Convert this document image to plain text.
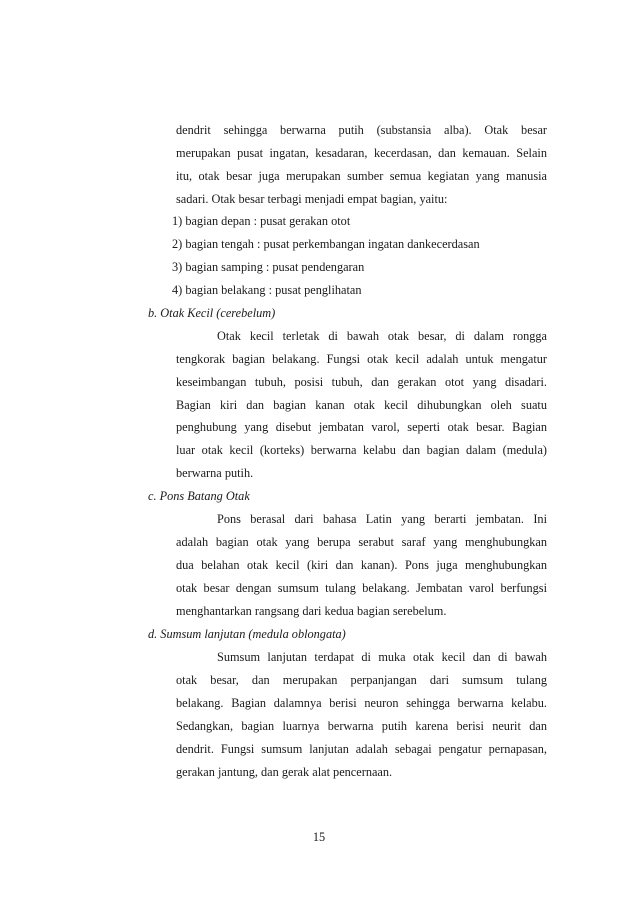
dendrit sehingga berwarna putih (substansia alba). Otak besar
merupakan pusat ingatan, kesadaran, kecerdasan, dan kemauan. Selain
itu, otak besar juga merupakan sumber semua kegiatan yang manusia
sadari. Otak besar terbagi menjadi empat bagian, yaitu:
1) bagian depan : pusat gerakan otot
2) bagian tengah : pusat perkembangan ingatan dankecerdasan
3) bagian samping : pusat pendengaran
4) bagian belakang : pusat penglihatan
b. Otak Kecil (cerebelum)
Otak kecil terletak di bawah otak besar, di dalam rongga
tengkorak bagian belakang. Fungsi otak kecil adalah untuk mengatur
keseimbangan tubuh, posisi tubuh, dan gerakan otot yang disadari.
Bagian kiri dan bagian kanan otak kecil dihubungkan oleh suatu
penghubung yang disebut jembatan varol, seperti otak besar. Bagian
luar otak kecil (korteks) berwarna kelabu dan bagian dalam (medula)
berwarna putih.
c. Pons Batang Otak
Pons berasal dari bahasa Latin yang berarti jembatan. Ini
adalah bagian otak yang berupa serabut saraf yang menghubungkan
dua belahan otak kecil (kiri dan kanan). Pons juga menghubungkan
otak besar dengan sumsum tulang belakang. Jembatan varol berfungsi
menghantarkan rangsang dari kedua bagian serebelum.
d. Sumsum lanjutan (medula oblongata)
Sumsum lanjutan terdapat di muka otak kecil dan di bawah
otak besar, dan merupakan perpanjangan dari sumsum tulang
belakang. Bagian dalamnya berisi neuron sehingga berwarna kelabu.
Sedangkan, bagian luarnya berwarna putih karena berisi neurit dan
dendrit. Fungsi sumsum lanjutan adalah sebagai pengatur pernapasan,
gerakan jantung, dan gerak alat pencernaan.
15
